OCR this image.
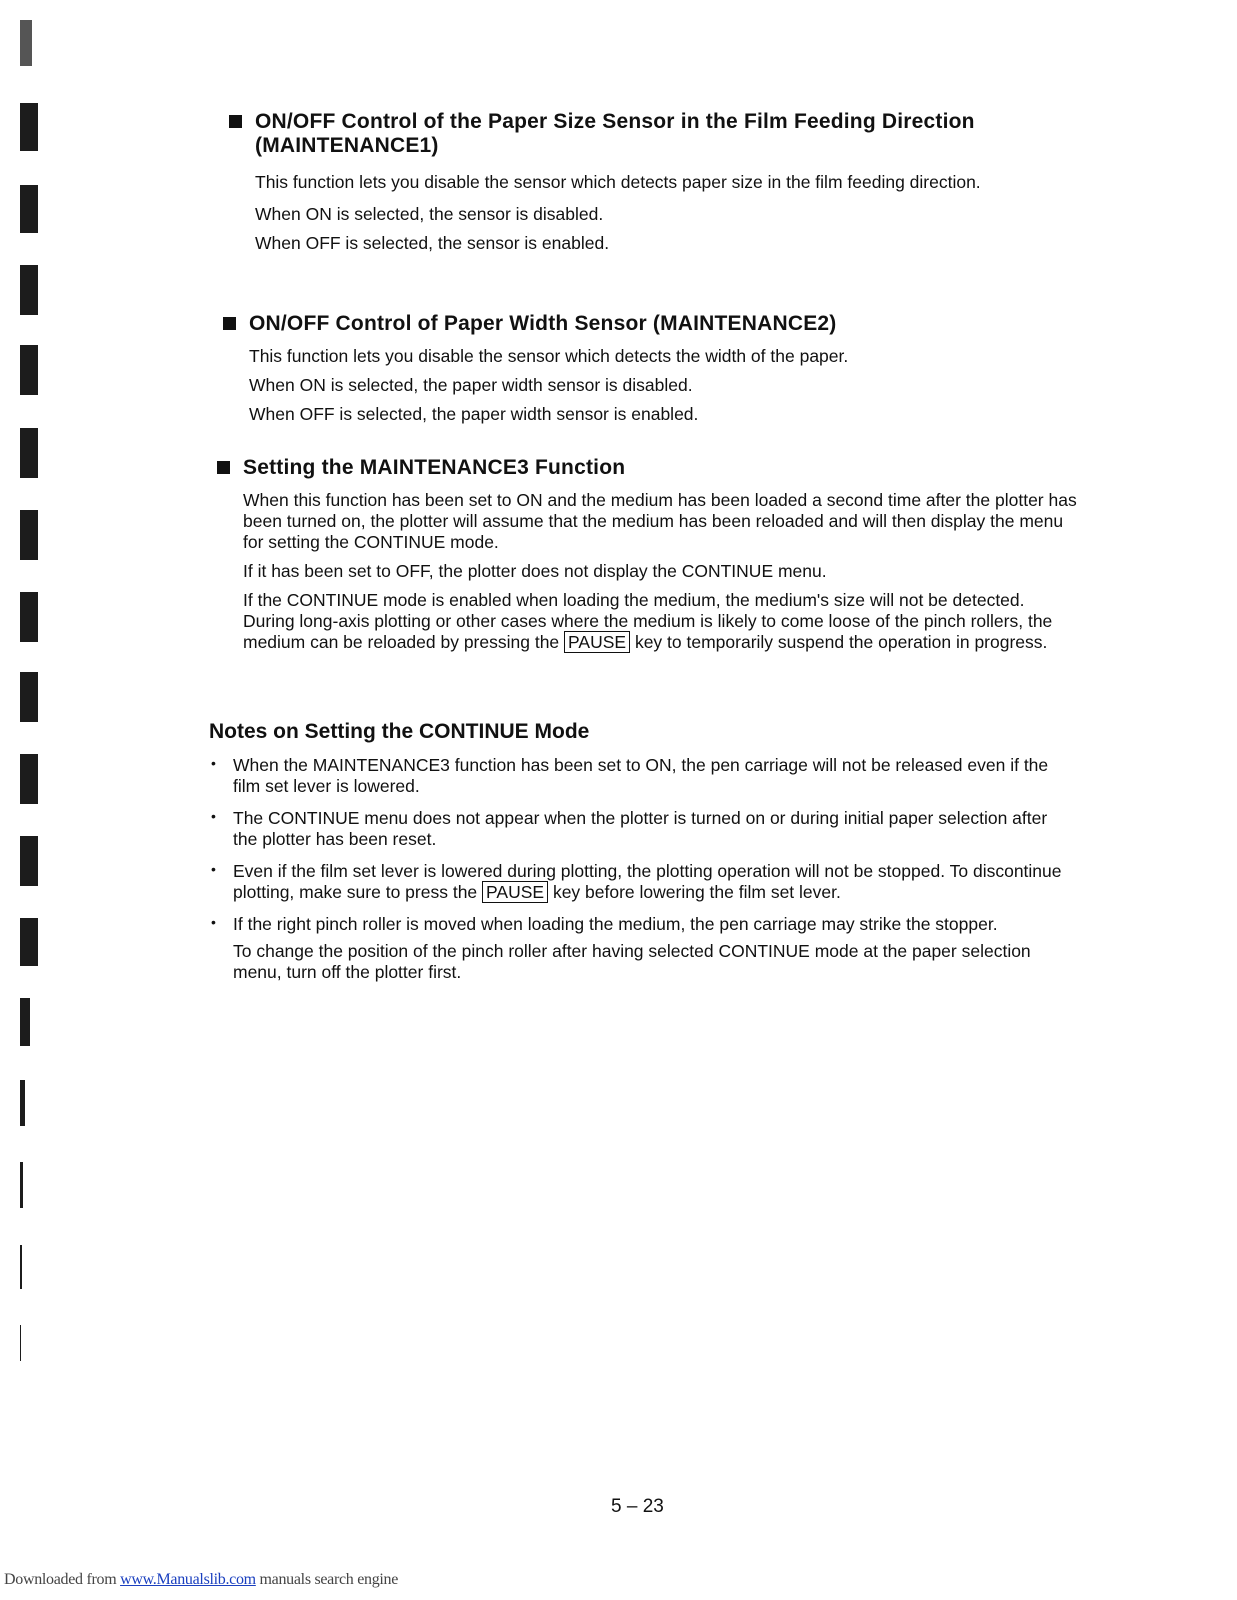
ON/OFF Control of the Paper Size Sensor in the Film Feeding Direction
(MAINTENANCE1)

This function lets you disable the sensor which detects paper size in the film feeding direction.

When ON is selected, the sensor is disabled.

When OFF is selected, the sensor is enabled.

ON/OFF Control of Paper Width Sensor (MAINTENANCE2)

This function lets you disable the sensor which detects the width of the paper.

When ON is selected, the paper width sensor is disabled.

When OFF is selected, the paper width sensor is enabled.

Setting the MAINTENANCE3 Function

When this function has been set to ON and the medium has been loaded a second time after the plotter has been turned on, the plotter will assume that the medium has been reloaded and will then display the menu for setting the CONTINUE mode.

If it has been set to OFF, the plotter does not display the CONTINUE menu.

If the CONTINUE mode is enabled when loading the medium, the medium's size will not be detected. During long-axis plotting or other cases where the medium is likely to come loose of the pinch rollers, the medium can be reloaded by pressing the PAUSE key to temporarily suspend the operation in progress.

Notes on Setting the CONTINUE Mode
• When the MAINTENANCE3 function has been set to ON, the pen carriage will not be released even if the film set lever is lowered.

• The CONTINUE menu does not appear when the plotter is turned on or during initial paper selection after the plotter has been reset.

• Even if the film set lever is lowered during plotting, the plotting operation will not be stopped. To discontinue plotting, make sure to press the PAUSE key before lowering the film set lever.

• If the right pinch roller is moved when loading the medium, the pen carriage may strike the stopper.

To change the position of the pinch roller after having selected CONTINUE mode at the paper selection menu, turn off the plotter first.

5 – 23
Downloaded from www.Manualslib.com manuals search engine
